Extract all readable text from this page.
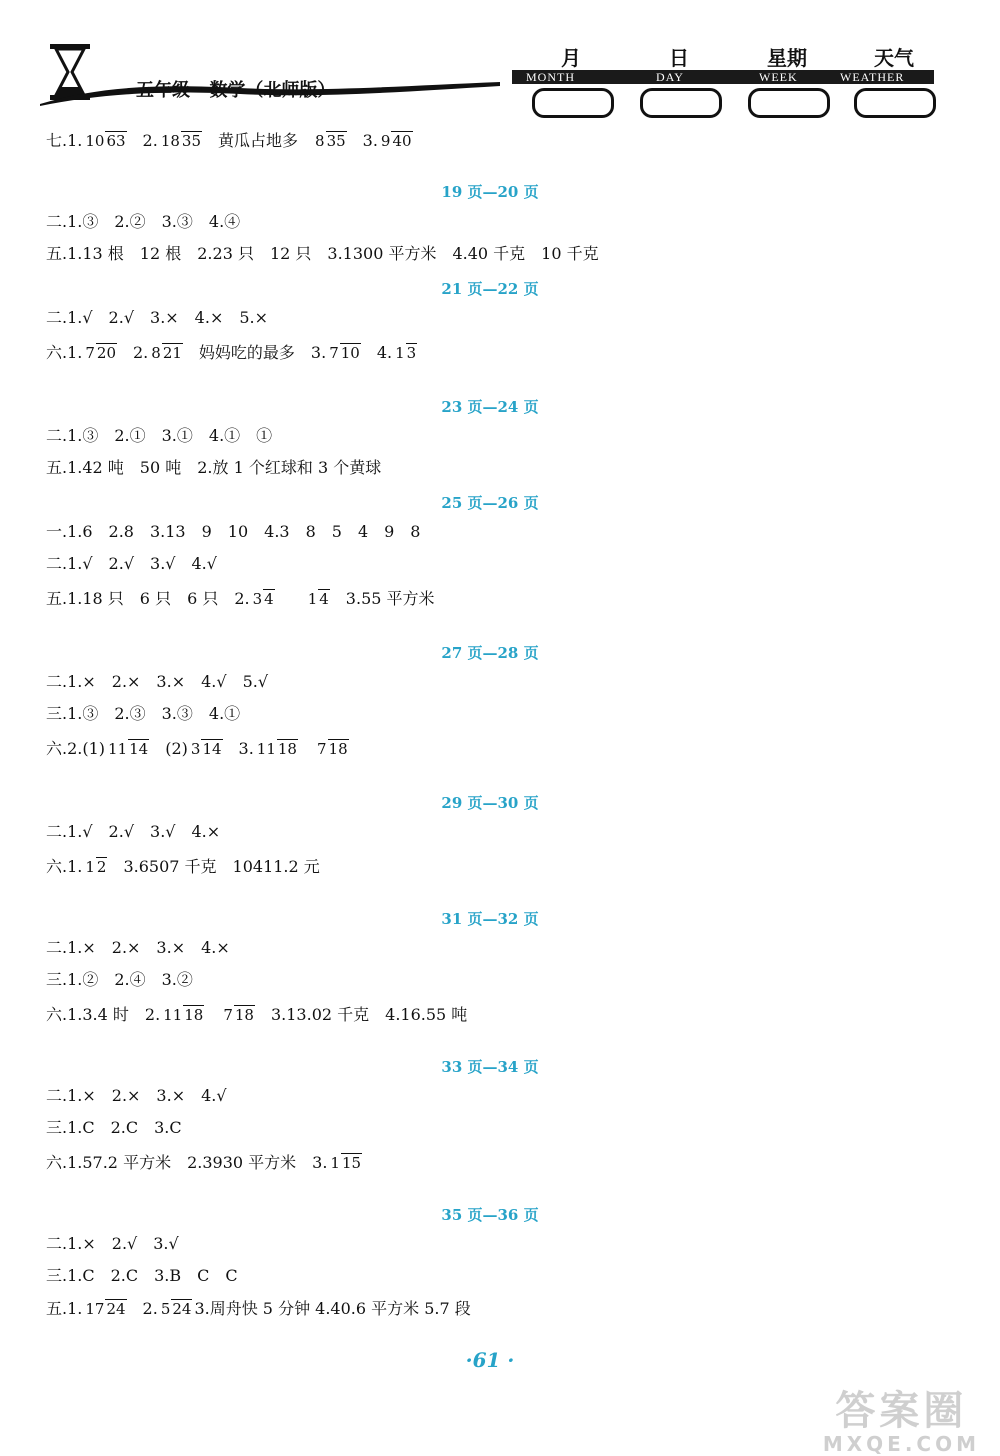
五年级 · 数学（北师版）
月	日	星期	天气
MONTH	DAY	WEEK	WEATHER
七.1. 10 63 2. 18 35 黄瓜占地多 8 35 3. 9 40
19 页—20 页
二.1.③　2.②　3.③　4.④
五.1.13 根　12 根　2.23 只　12 只　3.1300 平方米　4.40 千克　10 千克
21 页—22 页
二.1.√　2.√　3.×　4.×　5.×
六.1. 7 20 2. 8 21 妈妈吃的最多　3. 7 10 4. 1 3
23 页—24 页
二.1.③　2.①　3.①　4.①　①
五.1.42 吨　50 吨　2.放 1 个红球和 3 个黄球
25 页—26 页
一.1.6　2.8　3.13　9　10　4.3　8　5　4　9　8
二.1.√　2.√　3.√　4.√
五.1.18 只　6 只　6 只　2. 3 4 1 4 3.55 平方米
27 页—28 页
二.1.×　2.×　3.×　4.√　5.√
三.1.③　2.③　3.③　4.①
六.2.(1) 11 14 (2) 3 14 3. 11 18 7 18
29 页—30 页
二.1.√　2.√　3.√　4.×
六.1. 1 2 3.6507 千克　10411.2 元
31 页—32 页
二.1.×　2.×　3.×　4.×
三.1.②　2.④　3.②
六.1.3.4 时　2. 11 18 7 18 3.13.02 千克　4.16.55 吨
33 页—34 页
二.1.×　2.×　3.×　4.√
三.1.C　2.C　3.C
六.1.57.2 平方米　2.3930 平方米　3. 1 15
35 页—36 页
二.1.×　2.√　3.√
三.1.C　2.C　3.B　C　C
五.1. 17 24 2. 5 24 3.周舟快 5 分钟 4.40.6 平方米 5.7 段
·61 ·
答案圈
MXQE.COM
